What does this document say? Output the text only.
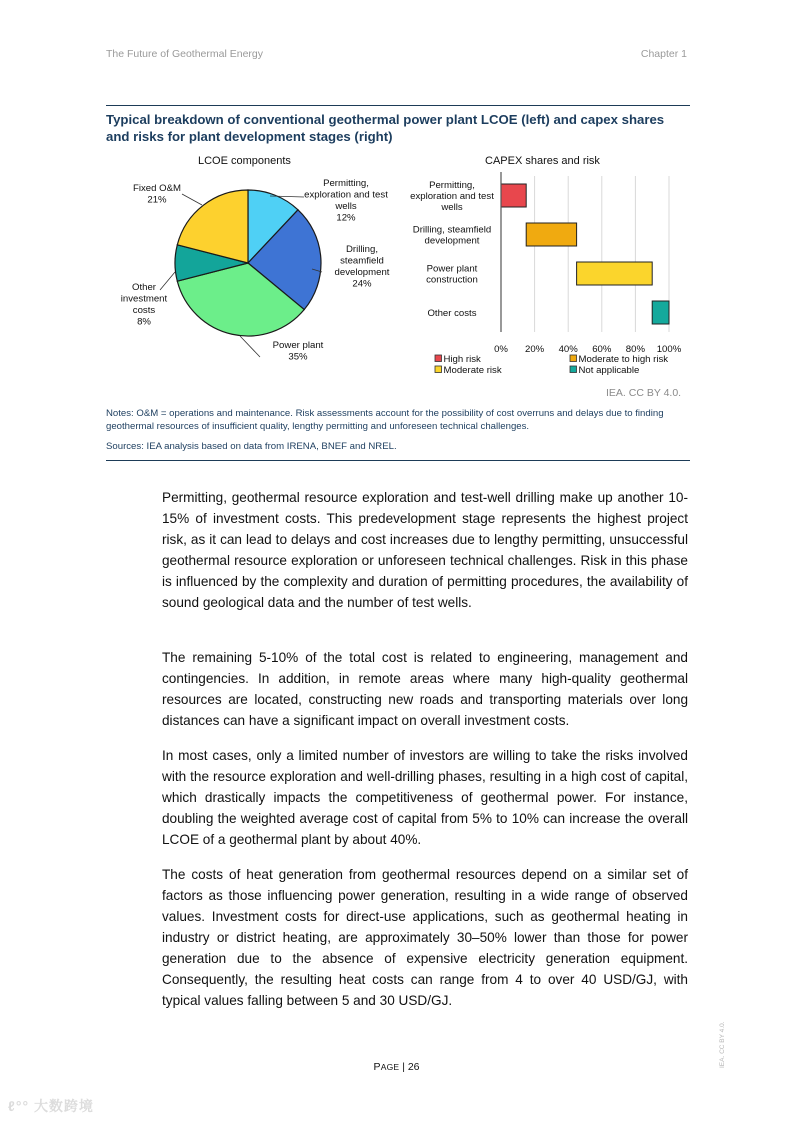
The Future of Geothermal Energy	Chapter 1
Typical breakdown of conventional geothermal power plant LCOE (left) and capex shares and risks for plant development stages (right)
LCOE components	CAPEX shares and risk
Permitting, exploration and test wells 12%
Drilling, steamfield development 24%
Power plant 35%
Other investment costs 8%
Fixed O&M 21%
0% 20% 40% 60% 80% 100%
Permitting, exploration and test wells
Drilling, steamfield development
Power plant construction
Other costs
High risk	Moderate to high risk
Moderate risk	Not applicable
IEA. CC BY 4.0.
Notes: O&M = operations and maintenance. Risk assessments account for the possibility of cost overruns and delays due to finding geothermal resources of insufficient quality, lengthy permitting and unforeseen technical challenges.
Sources: IEA analysis based on data from IRENA, BNEF and NREL.

Permitting, geothermal resource exploration and test-well drilling make up another 10-15% of investment costs. This predevelopment stage represents the highest project risk, as it can lead to delays and cost increases due to lengthy permitting, unsuccessful geothermal resource exploration or unforeseen technical challenges. Risk in this phase is influenced by the complexity and duration of permitting procedures, the availability of sound geological data and the number of test wells.

The remaining 5-10% of the total cost is related to engineering, management and contingencies. In addition, in remote areas where many high-quality geothermal resources are located, constructing new roads and transporting materials over long distances can have a significant impact on overall investment costs.

In most cases, only a limited number of investors are willing to take the risks involved with the resource exploration and well-drilling phases, resulting in a high cost of capital, which drastically impacts the competitiveness of geothermal power. For instance, doubling the weighted average cost of capital from 5% to 10% can increase the overall LCOE of a geothermal plant by about 40%.

The costs of heat generation from geothermal resources depend on a similar set of factors as those influencing power generation, resulting in a wide range of observed values. Investment costs for direct-use applications, such as geothermal heating in industry or district heating, are approximately 30–50% lower than those for power generation due to the absence of expensive electricity generation equipment. Consequently, the resulting heat costs can range from 4 to over 40 USD/GJ, with typical values falling between 5 and 30 USD/GJ.

PAGE | 26	IEA. CC BY 4.0.
ℓ°° 大数跨境
